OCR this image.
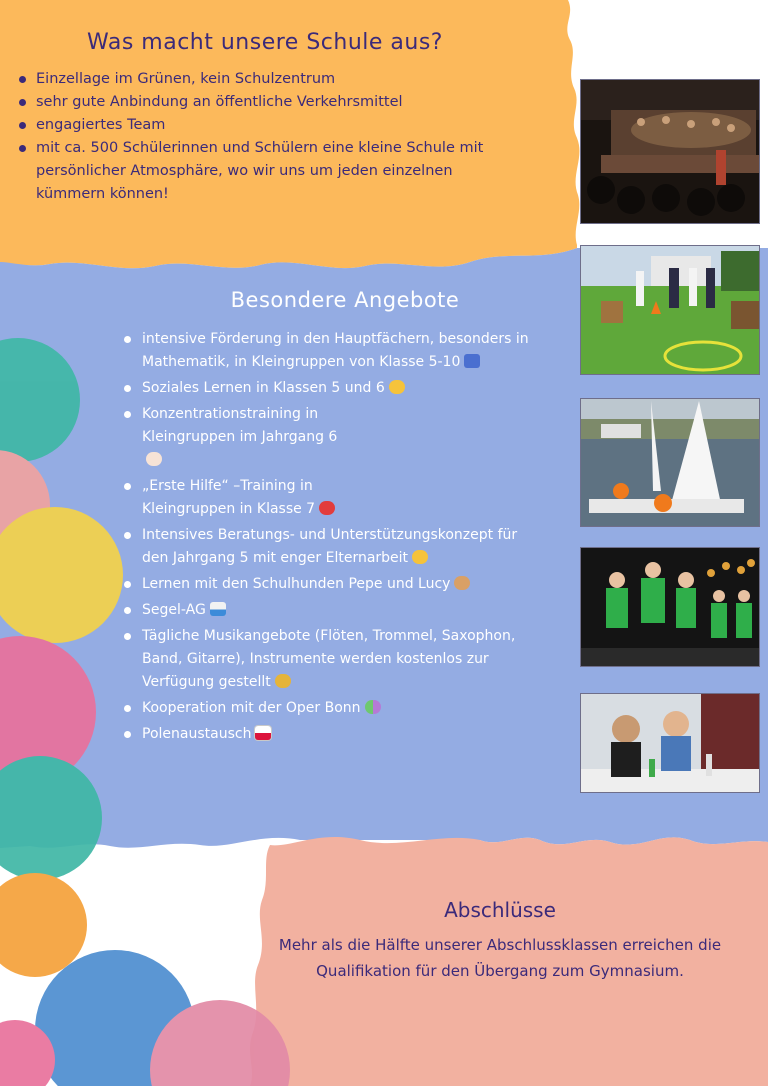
Was macht unsere Schule aus?
Einzellage im Grünen, kein Schulzentrum
sehr gute Anbindung an öffentliche Verkehrsmittel
engagiertes Team
mit ca. 500 Schülerinnen und Schülern eine kleine Schule mit persönlicher Atmosphäre, wo wir uns um jeden einzelnen kümmern können!
Besondere Angebote
intensive Förderung in den Hauptfächern, besonders in Mathematik, in Kleingruppen von Klasse 5-10
Soziales Lernen in Klassen 5 und 6
Konzentrationstraining in Kleingruppen im Jahrgang 6
„Erste Hilfe“ –Training in Kleingruppen in Klasse 7
Intensives Beratungs- und Unterstützungskonzept für den Jahrgang 5 mit enger Elternarbeit
Lernen mit den Schulhunden Pepe und Lucy
Segel-AG
Tägliche Musikangebote (Flöten, Trommel, Saxophon, Band, Gitarre), Instrumente werden kostenlos zur Verfügung gestellt
Kooperation mit der Oper Bonn
Polenaustausch
Abschlüsse
Mehr als die Hälfte unserer Abschlussklassen erreichen die Qualifikation für den Übergang zum Gymnasium.
